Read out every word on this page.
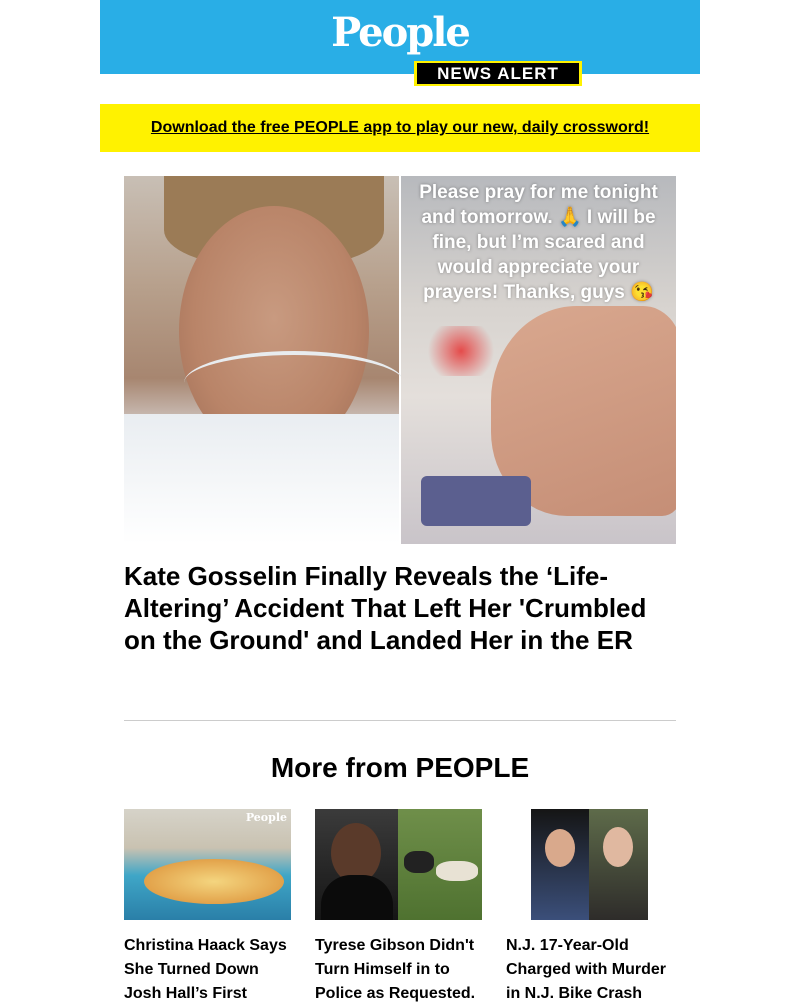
People
NEWS ALERT
Download the free PEOPLE app to play our new, daily crossword!
Please pray for me tonight and tomorrow. 🙏 I will be fine, but I’m scared and would appreciate your prayers! Thanks, guys 😘
Kate Gosselin Finally Reveals the ‘Life-Altering’ Accident That Left Her 'Crumbled on the Ground' and Landed Her in the ER
More from PEOPLE
People
Christina Haack Says She Turned Down Josh Hall’s First
Tyrese Gibson Didn't Turn Himself in to Police as Requested.
N.J. 17-Year-Old Charged with Murder in N.J. Bike Crash
